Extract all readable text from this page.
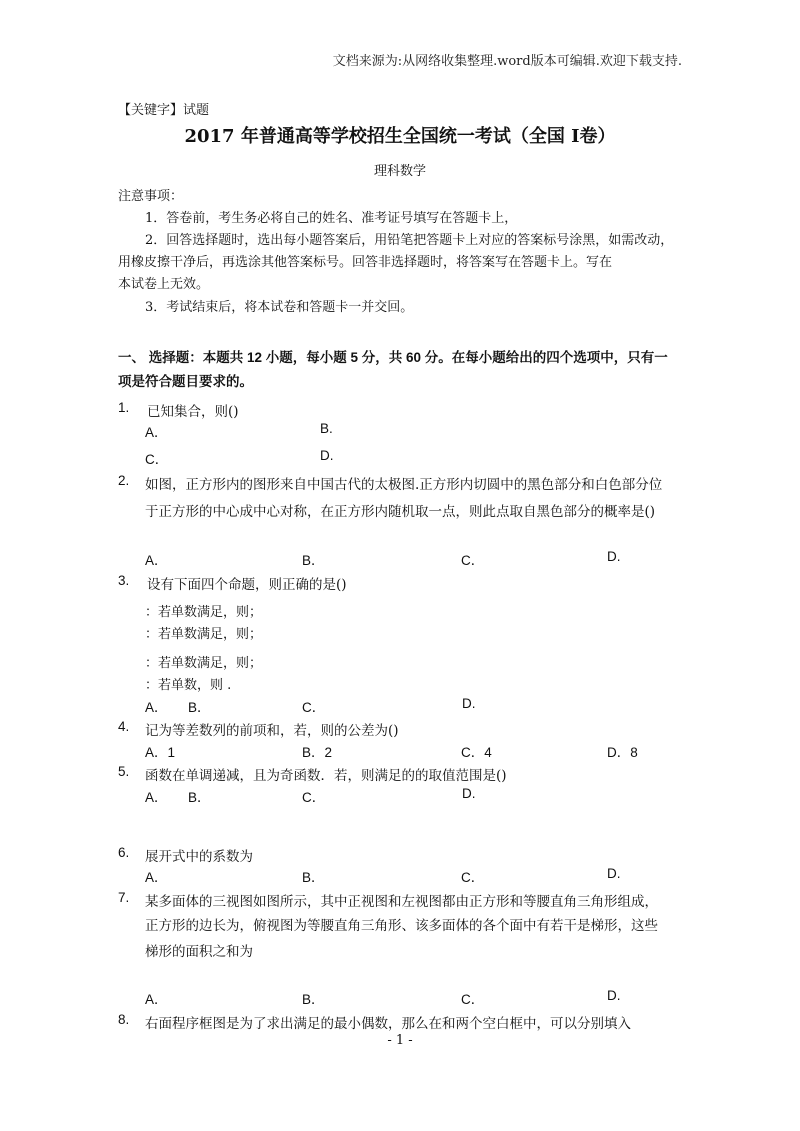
文档来源为:从网络收集整理.word版本可编辑.欢迎下载支持.
【关键字】试题
2017 年普通高等学校招生全国统一考试（全国 Ⅰ卷）
理科数学
注意事项：
1．答卷前，考生务必将自己的姓名、准考证号填写在答题卡上，
2．回答选择题时，选出每小题答案后，用铅笔把答题卡上对应的答案标号涂黑，如需改动，
用橡皮擦干净后，再选涂其他答案标号。回答非选择题时，将答案写在答题卡上。写在
本试卷上无效。
3．考试结束后，将本试卷和答题卡一并交回。
一、 选择题：本题共 12 小题，每小题 5 分，共 60 分。在每小题给出的四个选项中，只有一
项是符合题目要求的。
1.	已知集合，则()
A．	B.
C．	D.
2.	如图，正方形内的图形来自中国古代的太极图.正方形内切圆中的黑色部分和白色部分位
于正方形的中心成中心对称，在正方形内随机取一点，则此点取自黑色部分的概率是()
A．	B．	C．	D.
3.	设有下面四个命题，则正确的是()
：若单数满足，则；
：若单数满足，则；
：若单数满足，则；
：若单数，则 .
A． B．	C．	D.
4.	记为等差数列的前项和，若，则的公差为()
A．1	B．2	C．4	D．8
5.	函数在单调递减，且为奇函数．若，则满足的的取值范围是()
A． B．	C．	D.
6.	展开式中的系数为
A．	B．	C．	D.
7.	某多面体的三视图如图所示，其中正视图和左视图都由正方形和等腰直角三角形组成，
正方形的边长为，俯视图为等腰直角三角形、该多面体的各个面中有若干是梯形，这些
梯形的面积之和为
A．	B．	C．	D.
8.	右面程序框图是为了求出满足的最小偶数，那么在和两个空白框中，可以分别填入
- 1 -
